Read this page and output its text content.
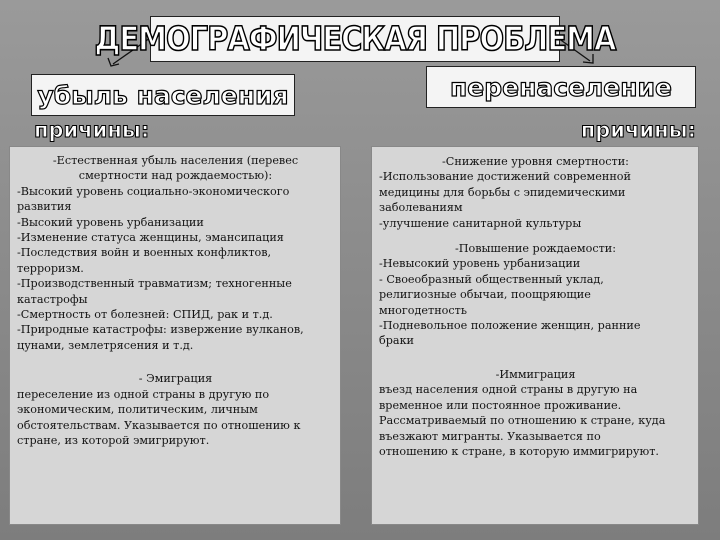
ДЕМОГРАФИЧЕСКАЯ ПРОБЛЕМА
убыль населения	перенаселение
причины:	причины:
-Естественная убыль населения (перевес
смертности над рождаемостью):
-Высокий уровень социально-экономического
развития
-Высокий уровень урбанизации
-Изменение статуса женщины, эмансипация
-Последствия войн и военных конфликтов,
терроризм.
-Производственный травматизм; техногенные
катастрофы
-Смертность от болезней: СПИД, рак и т.д.
-Природные катастрофы: извержение вулканов,
цунами, землетрясения и т.д.
- Эмиграция
переселение из одной страны в другую по
экономическим, политическим, личным
обстоятельствам. Указывается по отношению к
стране, из которой эмигрируют.
-Снижение уровня смертности:
-Использование достижений современной
медицины для борьбы с эпидемическими
заболеваниям
-улучшение санитарной культуры
-Повышение рождаемости:
-Невысокий уровень урбанизации
- Своеобразный общественный уклад,
религиозные обычаи, поощряющие
многодетность
-Подневольное положение женщин, ранние
браки
-Иммиграция
въезд населения одной страны в другую на
временное или постоянное проживание.
Рассматриваемый по отношению к стране, куда
въезжают мигранты. Указывается по
отношению к стране, в которую иммигрируют.
